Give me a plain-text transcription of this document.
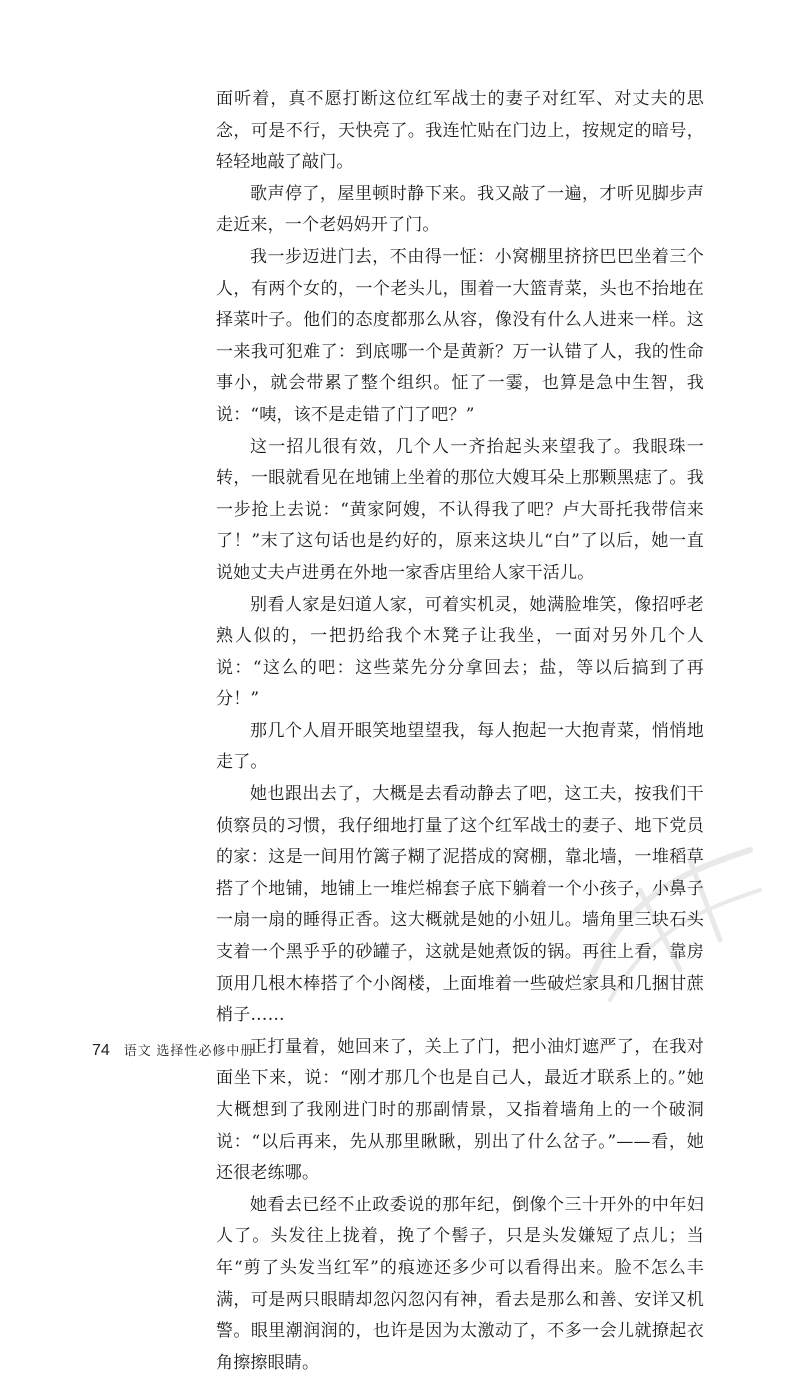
面听着，真不愿打断这位红军战士的妻子对红军、对丈夫的思念，可是不行，天快亮了。我连忙贴在门边上，按规定的暗号，轻轻地敲了敲门。

歌声停了，屋里顿时静下来。我又敲了一遍，才听见脚步声走近来，一个老妈妈开了门。

我一步迈进门去，不由得一怔：小窝棚里挤挤巴巴坐着三个人，有两个女的，一个老头儿，围着一大篮青菜，头也不抬地在择菜叶子。他们的态度都那么从容，像没有什么人进来一样。这一来我可犯难了：到底哪一个是黄新？万一认错了人，我的性命事小，就会带累了整个组织。怔了一霎，也算是急中生智，我说：“咦，该不是走错了门了吧？”

这一招儿很有效，几个人一齐抬起头来望我了。我眼珠一转，一眼就看见在地铺上坐着的那位大嫂耳朵上那颗黑痣了。我一步抢上去说：“黄家阿嫂，不认得我了吧？卢大哥托我带信来了！”末了这句话也是约好的，原来这块儿“白”了以后，她一直说她丈夫卢进勇在外地一家香店里给人家干活儿。

别看人家是妇道人家，可着实机灵，她满脸堆笑，像招呼老熟人似的，一把扔给我个木凳子让我坐，一面对另外几个人说：“这么的吧：这些菜先分分拿回去；盐，等以后搞到了再分！”

那几个人眉开眼笑地望望我，每人抱起一大抱青菜，悄悄地走了。

她也跟出去了，大概是去看动静去了吧，这工夫，按我们干侦察员的习惯，我仔细地打量了这个红军战士的妻子、地下党员的家：这是一间用竹篱子糊了泥搭成的窝棚，靠北墙，一堆稻草搭了个地铺，地铺上一堆烂棉套子底下躺着一个小孩子，小鼻子一扇一扇的睡得正香。这大概就是她的小妞儿。墙角里三块石头支着一个黑乎乎的砂罐子，这就是她煮饭的锅。再往上看，靠房顶用几根木棒搭了个小阁楼，上面堆着一些破烂家具和几捆甘蔗梢子……

正打量着，她回来了，关上了门，把小油灯遮严了，在我对面坐下来，说：“刚才那几个也是自己人，最近才联系上的。”她大概想到了我刚进门时的那副情景，又指着墙角上的一个破洞说：“以后再来，先从那里瞅瞅，别出了什么岔子。”——看，她还很老练哪。

她看去已经不止政委说的那年纪，倒像个三十开外的中年妇人了。头发往上拢着，挽了个髻子，只是头发嫌短了点儿；当年“剪了头发当红军”的痕迹还多少可以看得出来。脸不怎么丰满，可是两只眼睛却忽闪忽闪有神，看去是那么和善、安详又机警。眼里潮润润的，也许是因为太激动了，不多一会儿就撩起衣角擦擦眼睛。

74 语文 选择性必修中册
